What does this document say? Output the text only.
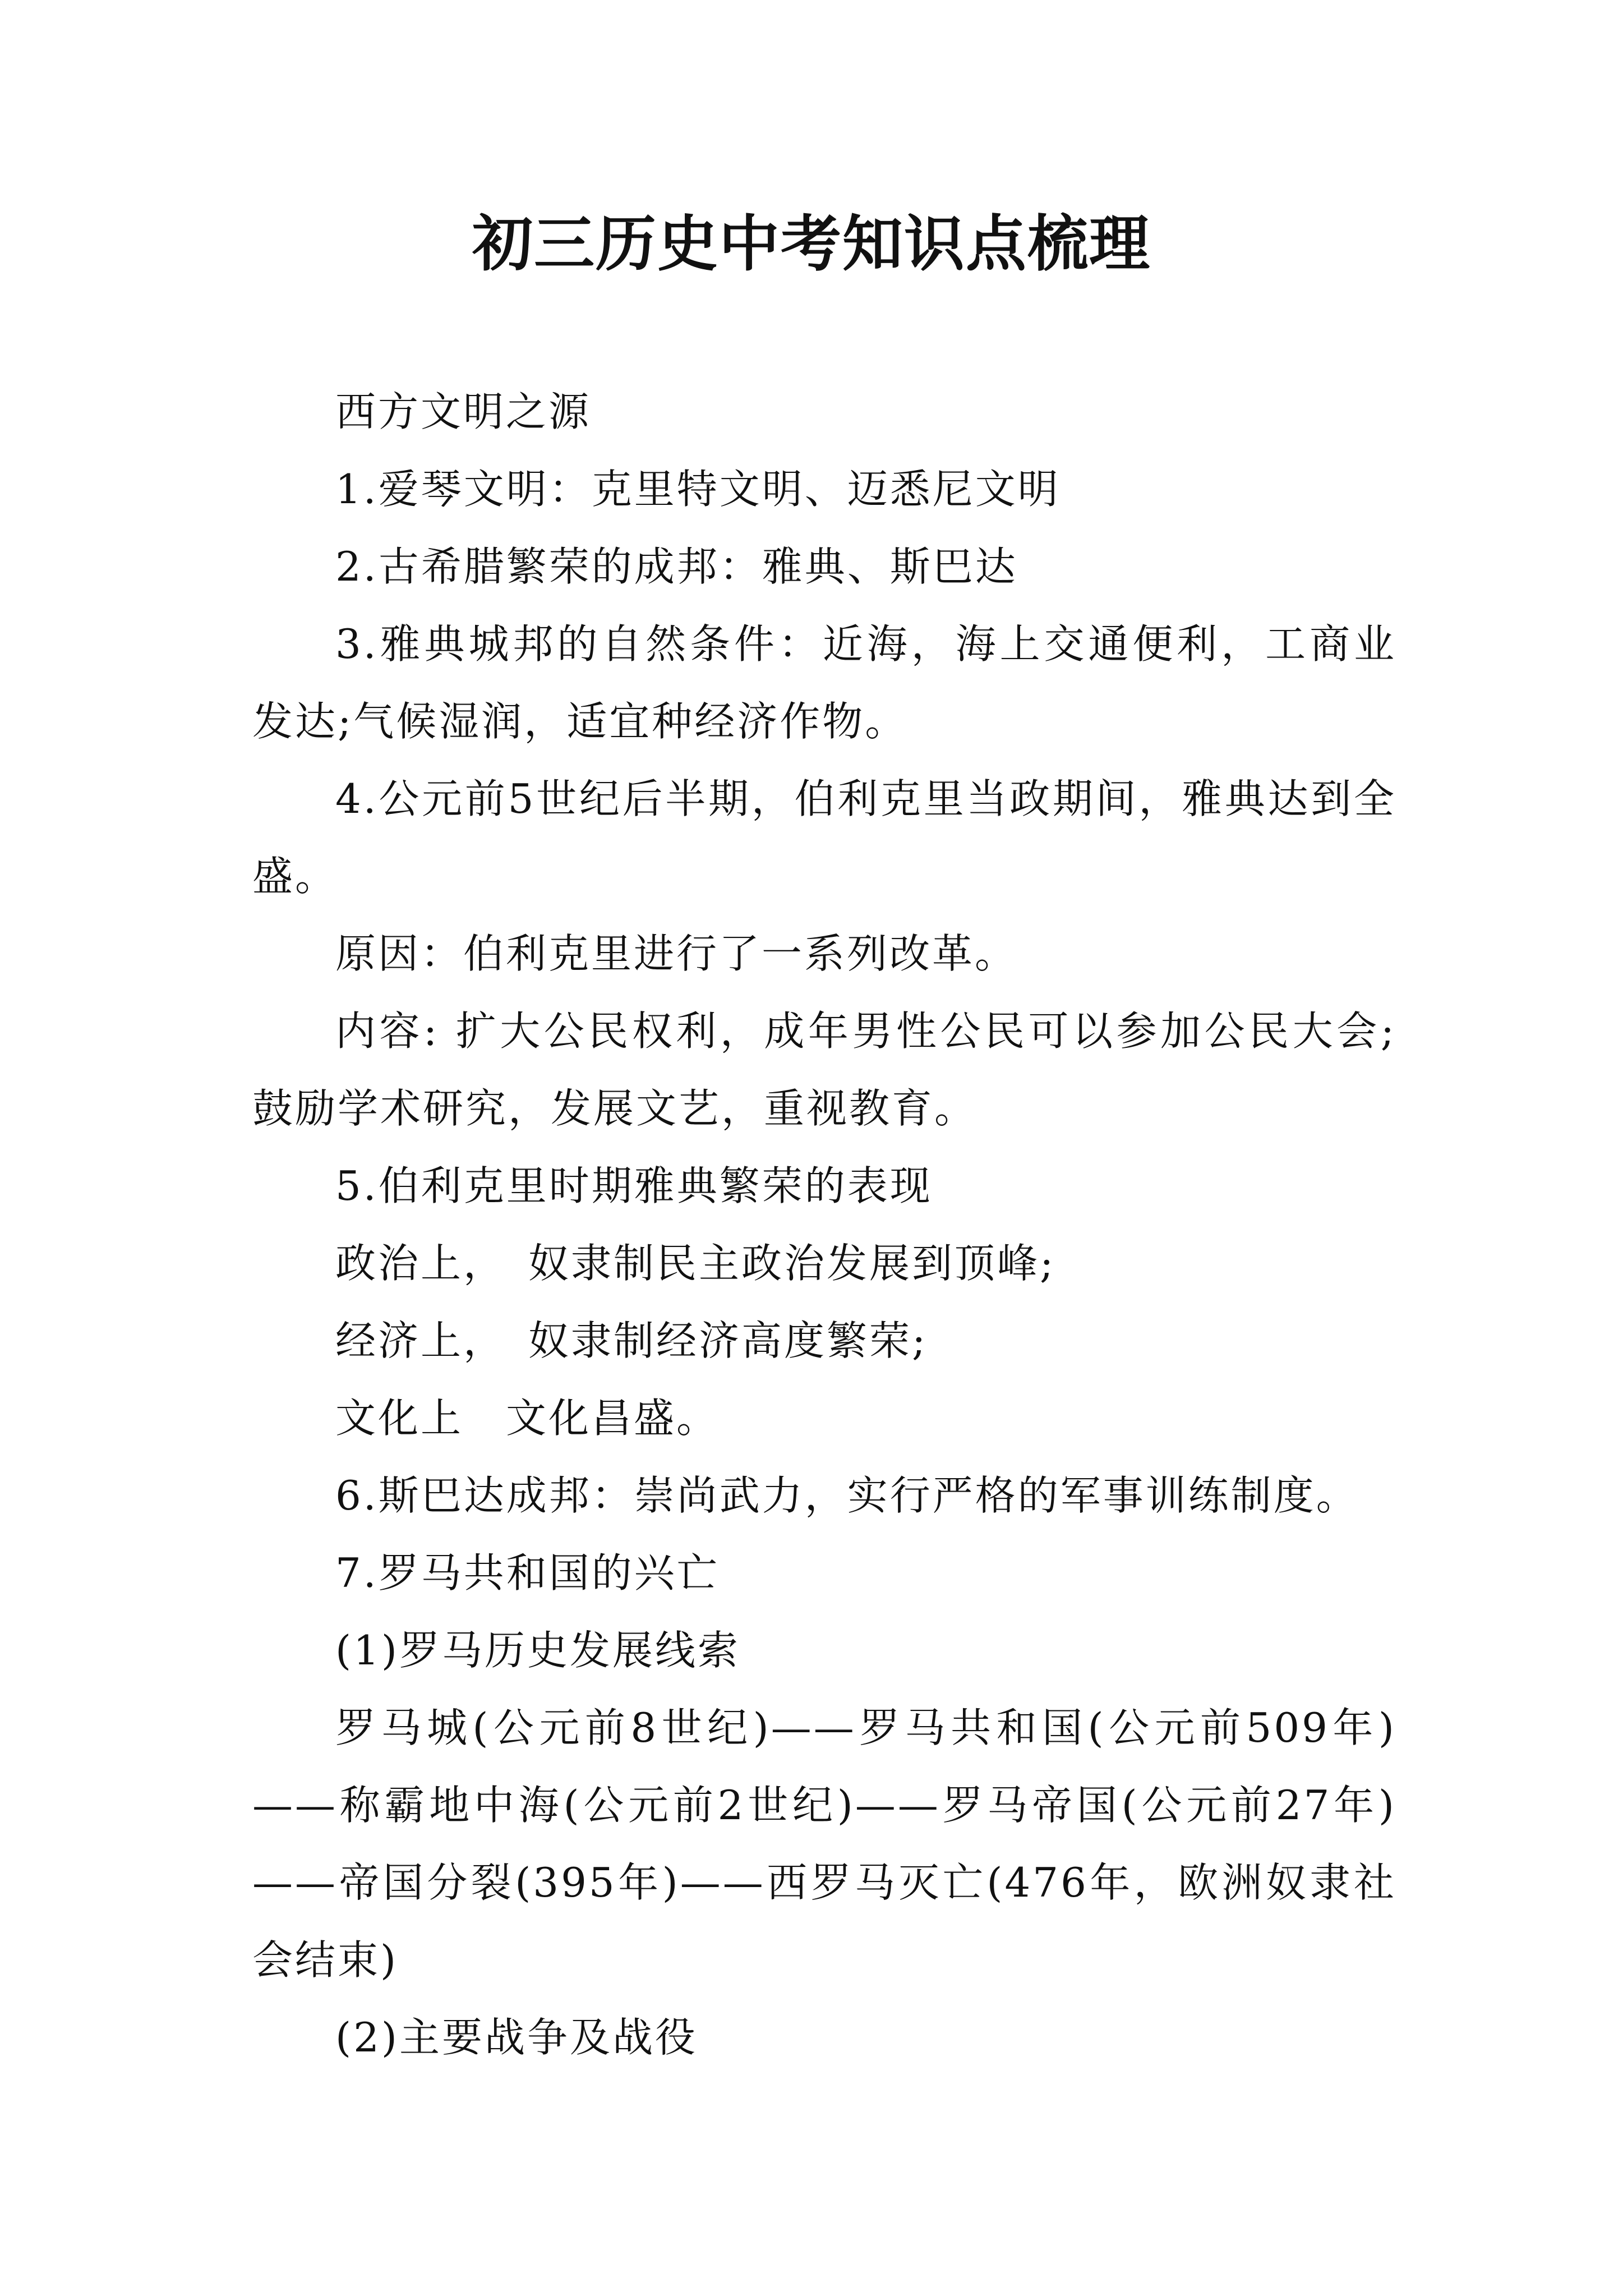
初三历史中考知识点梳理

西方文明之源

1.爱琴文明：克里特文明、迈悉尼文明

2.古希腊繁荣的成邦：雅典、斯巴达

3.雅典城邦的自然条件：近海，海上交通便利，工商业发达;气候湿润，适宜种经济作物。

4.公元前5世纪后半期，伯利克里当政期间，雅典达到全盛。

原因：伯利克里进行了一系列改革。

内容: 扩大公民权利，成年男性公民可以参加公民大会;鼓励学术研究，发展文艺，重视教育。

5.伯利克里时期雅典繁荣的表现

政治上，　奴隶制民主政治发展到顶峰;

经济上，　奴隶制经济高度繁荣;

文化上　文化昌盛。

6.斯巴达成邦：崇尚武力，实行严格的军事训练制度。

7.罗马共和国的兴亡

(1)罗马历史发展线索

罗马城(公元前8世纪)——罗马共和国(公元前509年)——称霸地中海(公元前2世纪)——罗马帝国(公元前27年)——帝国分裂(395年)——西罗马灭亡(476年，欧洲奴隶社会结束)

(2)主要战争及战役
